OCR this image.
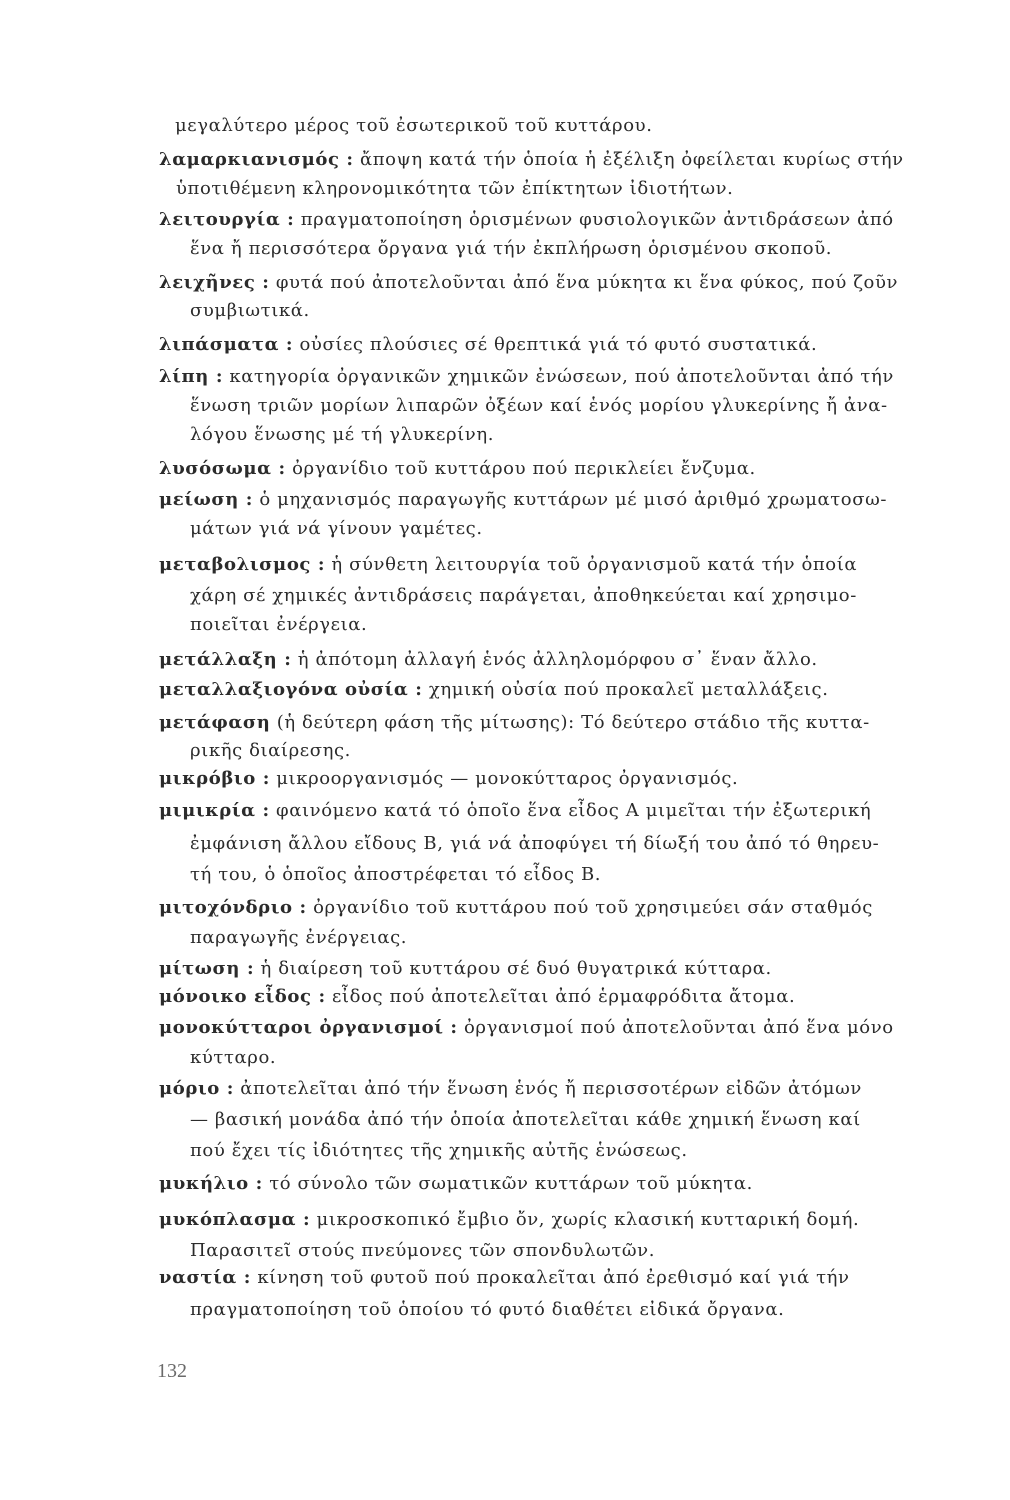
μεγαλύτερο μέρος τοῦ ἐσωτερικοῦ τοῦ κυττάρου.
λαμαρκιανισμός : ἄποψη κατά τήν ὁποία ἡ ἐξέλιξη ὀφείλεται κυρίως στήν
ὑποτιθέμενη κληρονομικότητα τῶν ἐπίκτητων ἰδιοτήτων.
λειτουργία : πραγματοποίηση ὁρισμένων φυσιολογικῶν ἀντιδράσεων ἀπό
ἕνα ἤ περισσότερα ὄργανα γιά τήν ἐκπλήρωση ὁρισμένου σκοποῦ.
λειχῆνες : φυτά πού ἀποτελοῦνται ἀπό ἕνα μύκητα κι ἕνα φύκος, πού ζοῦν
συμβιωτικά.
λιπάσματα : οὐσίες πλούσιες σέ θρεπτικά γιά τό φυτό συστατικά.
λίπη : κατηγορία ὀργανικῶν χημικῶν ἐνώσεων, πού ἀποτελοῦνται ἀπό τήν
ἕνωση τριῶν μορίων λιπαρῶν ὀξέων καί ἑνός μορίου γλυκερίνης ἤ ἀνα-
λόγου ἕνωσης μέ τή γλυκερίνη.
λυσόσωμα : ὀργανίδιο τοῦ κυττάρου πού περικλείει ἔνζυμα.
μείωση : ὁ μηχανισμός παραγωγῆς κυττάρων μέ μισό ἀριθμό χρωματοσω-
μάτων γιά νά γίνουν γαμέτες.
μεταβολισμος : ἡ σύνθετη λειτουργία τοῦ ὀργανισμοῦ κατά τήν ὁποία
χάρη σέ χημικές ἀντιδράσεις παράγεται, ἀποθηκεύεται καί χρησιμο-
ποιεῖται ἐνέργεια.
μετάλλαξη : ἡ ἀπότομη ἀλλαγή ἑνός ἀλληλομόρφου σ᾽ ἕναν ἄλλο.
μεταλλαξιογόνα οὐσία : χημική οὐσία πού προκαλεῖ μεταλλάξεις.
μετάφαση (ἡ δεύτερη φάση τῆς μίτωσης): Τό δεύτερο στάδιο τῆς κυττα-
ρικῆς διαίρεσης.
μικρόβιο : μικροοργανισμός — μονοκύτταρος ὀργανισμός.
μιμικρία : φαινόμενο κατά τό ὁποῖο ἕνα εἶδος Α μιμεῖται τήν ἐξωτερική
ἐμφάνιση ἄλλου εἴδους Β, γιά νά ἀποφύγει τή δίωξή του ἀπό τό θηρευ-
τή του, ὁ ὁποῖος ἀποστρέφεται τό εἶδος Β.
μιτοχόνδριο : ὀργανίδιο τοῦ κυττάρου πού τοῦ χρησιμεύει σάν σταθμός
παραγωγῆς ἐνέργειας.
μίτωση : ἡ διαίρεση τοῦ κυττάρου σέ δυό θυγατρικά κύτταρα.
μόνοικο εἶδος : εἶδος πού ἀποτελεῖται ἀπό ἑρμαφρόδιτα ἄτομα.
μονοκύτταροι ὀργανισμοί : ὀργανισμοί πού ἀποτελοῦνται ἀπό ἕνα μόνο
κύτταρο.
μόριο : ἀποτελεῖται ἀπό τήν ἕνωση ἑνός ἤ περισσοτέρων εἰδῶν ἀτόμων
— βασική μονάδα ἀπό τήν ὁποία ἀποτελεῖται κάθε χημική ἕνωση καί
πού ἔχει τίς ἰδιότητες τῆς χημικῆς αὐτῆς ἑνώσεως.
μυκήλιο : τό σύνολο τῶν σωματικῶν κυττάρων τοῦ μύκητα.
μυκόπλασμα : μικροσκοπικό ἔμβιο ὄν, χωρίς κλασική κυτταρική δομή.
Παρασιτεῖ στούς πνεύμονες τῶν σπονδυλωτῶν.
ναστία : κίνηση τοῦ φυτοῦ πού προκαλεῖται ἀπό ἐρεθισμό καί γιά τήν
πραγματοποίηση τοῦ ὁποίου τό φυτό διαθέτει εἰδικά ὄργανα.
132
